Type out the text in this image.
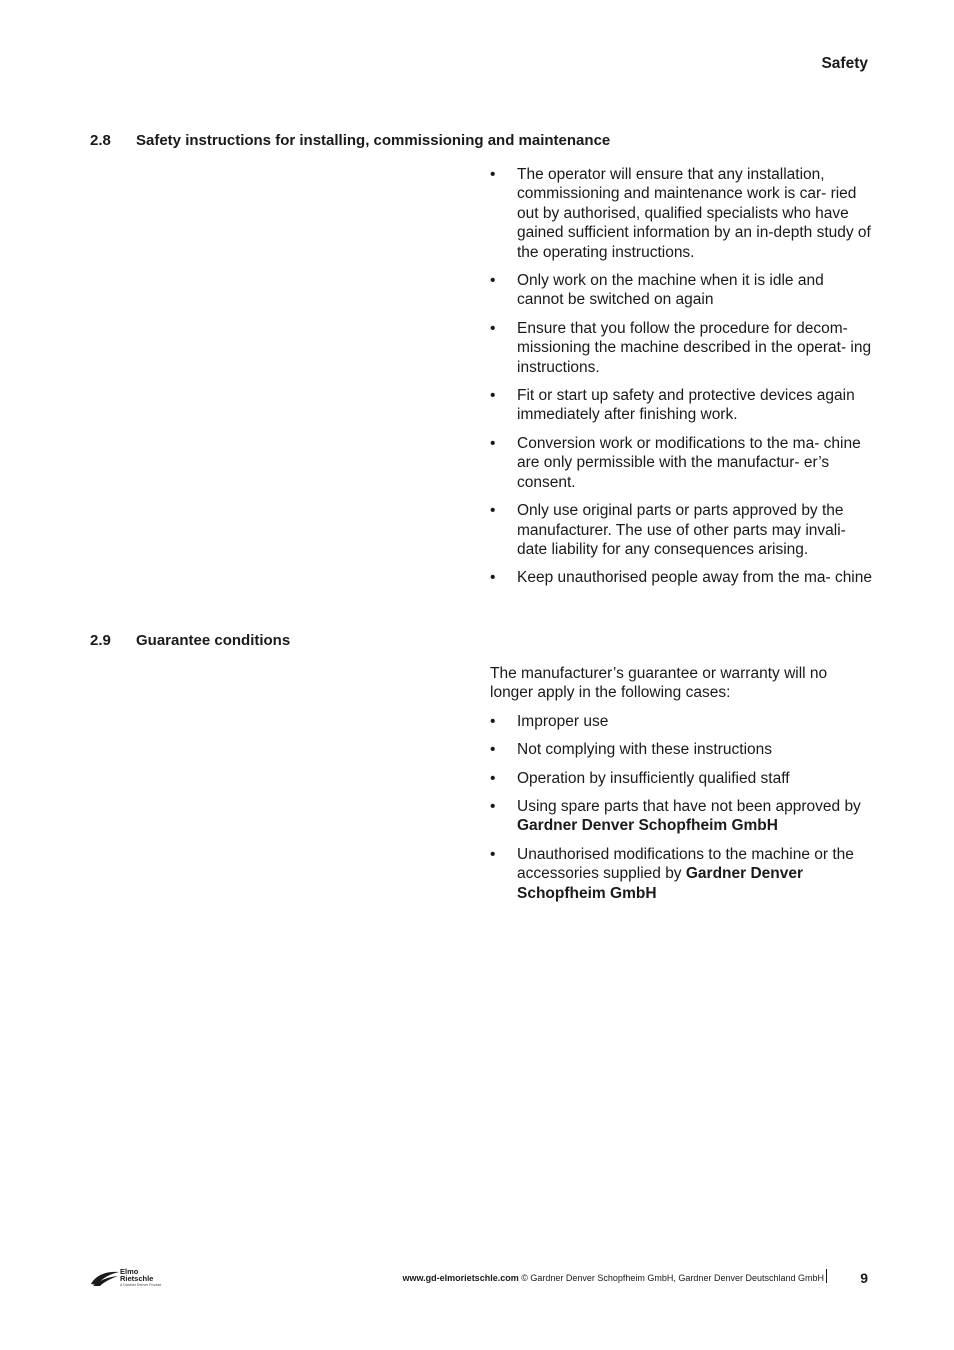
Safety
2.8 Safety instructions for installing, commissioning and maintenance
• The operator will ensure that any installation, commissioning and maintenance work is car- ried out by authorised, qualified specialists who have gained sufficient information by an in-depth study of the operating instructions.
• Only work on the machine when it is idle and cannot be switched on again
• Ensure that you follow the procedure for decom- missioning the machine described in the operat- ing instructions.
• Fit or start up safety and protective devices again immediately after finishing work.
• Conversion work or modifications to the ma- chine are only permissible with the manufactur- er’s consent.
• Only use original parts or parts approved by the manufacturer. The use of other parts may invali- date liability for any consequences arising.
• Keep unauthorised people away from the ma- chine
2.9 Guarantee conditions

The manufacturer’s guarantee or warranty will no longer apply in the following cases:

• Improper use
• Not complying with these instructions
• Operation by insufficiently qualified staff
• Using spare parts that have not been approved by Gardner Denver Schopfheim GmbH
• Unauthorised modifications to the machine or the accessories supplied by Gardner Denver Schopfheim GmbH
Elmo
Rietschle
A Gardner Denver Product
www.gd-elmorietschle.com © Gardner Denver Schopfheim GmbH, Gardner Denver Deutschland GmbH	9
